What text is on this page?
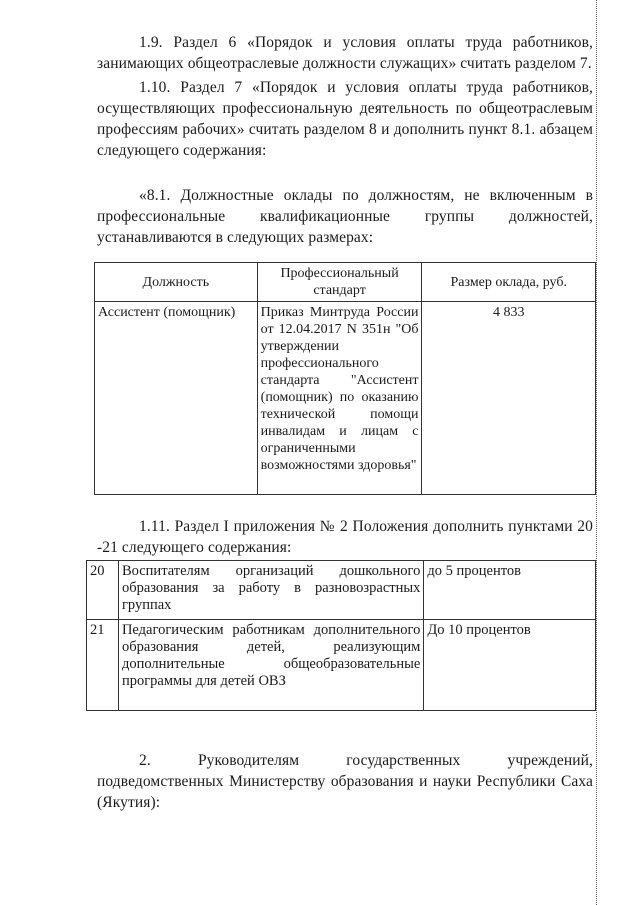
1.9. Раздел 6 «Порядок и условия оплаты труда работников, занимающих общеотраслевые должности служащих» считать разделом 7.
1.10. Раздел 7 «Порядок и условия оплаты труда работников, осуществляющих профессиональную деятельность по общеотраслевым профессиям рабочих» считать разделом 8 и дополнить пункт 8.1. абзацем следующего содержания:
«8.1. Должностные оклады по должностям, не включенным в профессиональные квалификационные группы должностей, устанавливаются в следующих размерах:
Должность	Профессиональный стандарт	Размер оклада, руб.
Ассистент (помощник)	Приказ Минтруда России от 12.04.2017 N 351н "Об утверждении профессионального стандарта "Ассистент (помощник) по оказанию технической помощи инвалидам и лицам с ограниченными возможностями здоровья"	4 833
1.11. Раздел I приложения № 2 Положения дополнить пунктами 20 -21 следующего содержания:
20	Воспитателям организаций дошкольного образования за работу в разновозрастных группах	до 5 процентов
21	Педагогическим работникам дополнительного образования детей, реализующим дополнительные общеобразовательные программы для детей ОВЗ	До 10 процентов
2. Руководителям государственных учреждений, подведомственных Министерству образования и науки Республики Саха (Якутия):
